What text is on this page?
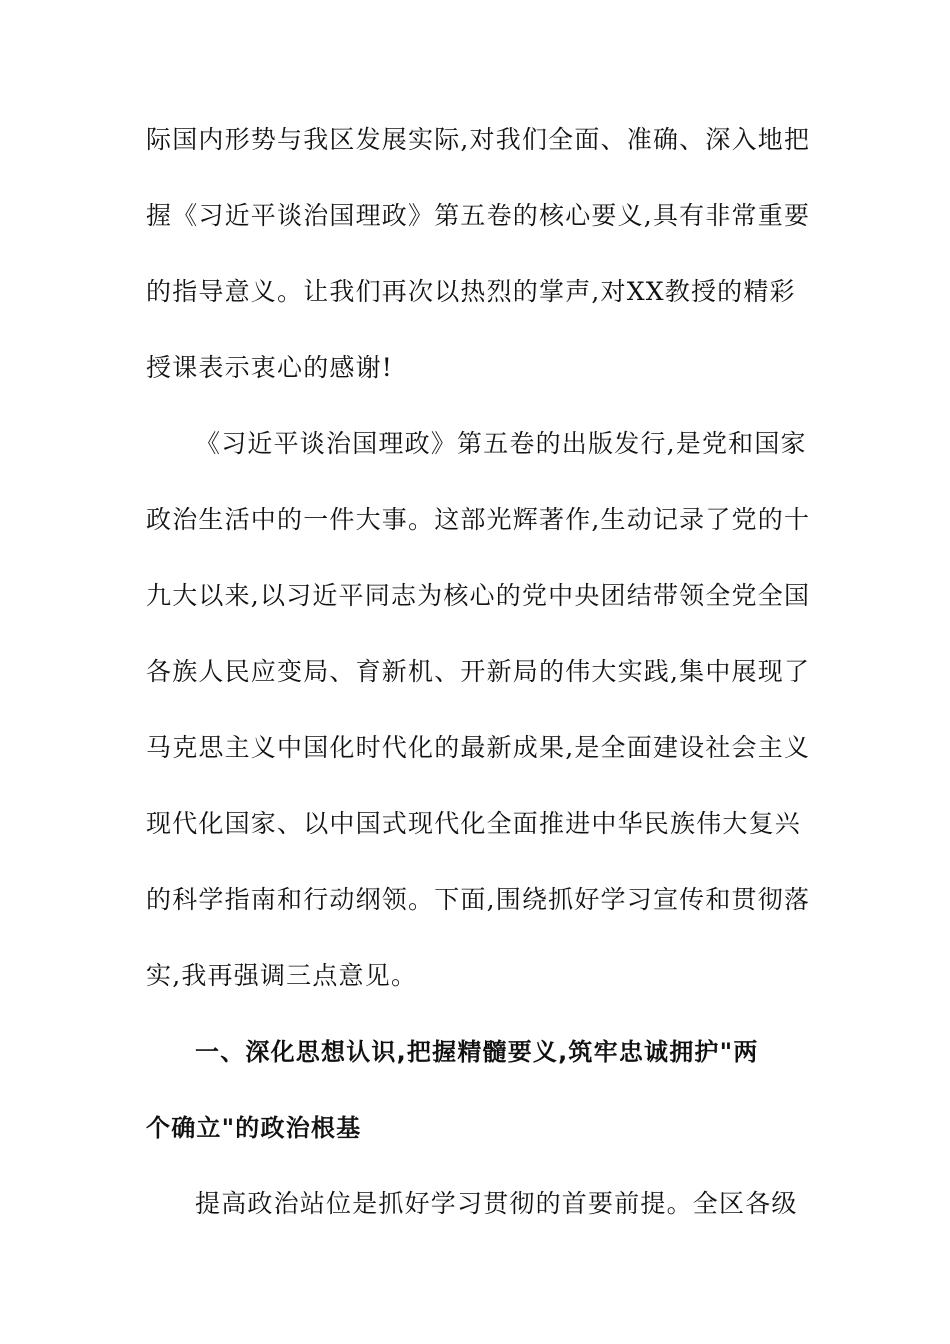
际国内形势与我区发展实际,对我们全面、准确、深入地把
握《习近平谈治国理政》第五卷的核心要义,具有非常重要
的指导意义。让我们再次以热烈的掌声,对XX教授的精彩
授课表示衷心的感谢!
《习近平谈治国理政》第五卷的出版发行,是党和国家
政治生活中的一件大事。这部光辉著作,生动记录了党的十
九大以来,以习近平同志为核心的党中央团结带领全党全国
各族人民应变局、育新机、开新局的伟大实践,集中展现了
马克思主义中国化时代化的最新成果,是全面建设社会主义
现代化国家、以中国式现代化全面推进中华民族伟大复兴
的科学指南和行动纲领。下面,围绕抓好学习宣传和贯彻落
实,我再强调三点意见。
一、深化思想认识,把握精髓要义,筑牢忠诚拥护"两
个确立"的政治根基
提高政治站位是抓好学习贯彻的首要前提。全区各级
